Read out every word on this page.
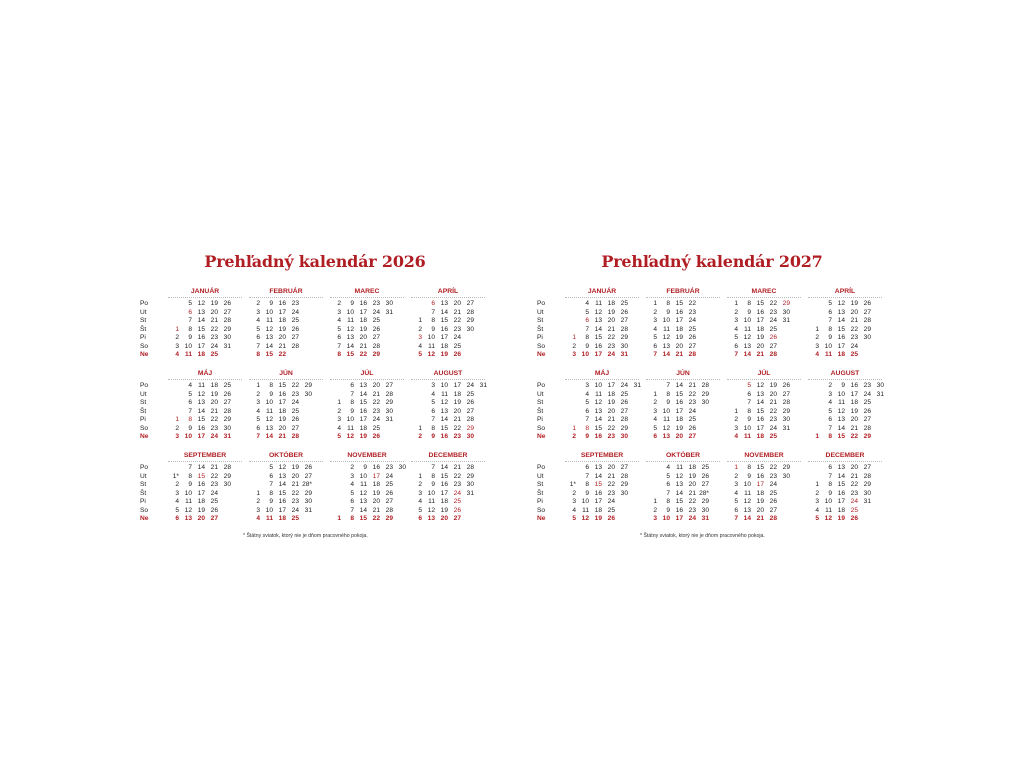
Prehľadný kalendár 2026
Po
Ut
St
Št
Pi
So
Ne
JANUÁR
1
2
3
4
5
6
7
8
9
10
11
12
13
14
15
16
17
18
19
20
21
22
23
24
25
26
27
28
29
30
31
FEBRUÁR
2
3
4
5
6
7
8
9
10
11
12
13
14
15
16
17
18
19
20
21
22
23
24
25
26
27
28
MAREC
2
3
4
5
6
7
8
9
10
11
12
13
14
15
16
17
18
19
20
21
22
23
24
25
26
27
28
29
30
31
APRÍL
1
2
3
4
5
6
7
8
9
10
11
12
13
14
15
16
17
18
19
20
21
22
23
24
25
26
27
28
29
30
Po
Ut
St
Št
Pi
So
Ne
MÁJ
1
2
3
4
5
6
7
8
9
10
11
12
13
14
15
16
17
18
19
20
21
22
23
24
25
26
27
28
29
30
31
JÚN
1
2
3
4
5
6
7
8
9
10
11
12
13
14
15
16
17
18
19
20
21
22
23
24
25
26
27
28
29
30
JÚL
1
2
3
4
5
6
7
8
9
10
11
12
13
14
15
16
17
18
19
20
21
22
23
24
25
26
27
28
29
30
31
AUGUST
1
2
3
4
5
6
7
8
9
10
11
12
13
14
15
16
17
18
19
20
21
22
23
24
25
26
27
28
29
30
31
Po
Ut
St
Št
Pi
So
Ne
SEPTEMBER
1*
2
3
4
5
6
7
8
9
10
11
12
13
14
15
16
17
18
19
20
21
22
23
24
25
26
27
28
29
30
OKTÓBER
1
2
3
4
5
6
7
8
9
10
11
12
13
14
15
16
17
18
19
20
21
22
23
24
25
26
27
28*
29
30
31
NOVEMBER
1
2
3
4
5
6
7
8
9
10
11
12
13
14
15
16
17
18
19
20
21
22
23
24
25
26
27
28
29
30
DECEMBER
1
2
3
4
5
6
7
8
9
10
11
12
13
14
15
16
17
18
19
20
21
22
23
24
25
26
27
28
29
30
31
* Štátny sviatok, ktorý nie je dňom pracovného pokoja.
Prehľadný kalendár 2027
Po
Ut
St
Št
Pi
So
Ne
JANUÁR
1
2
3
4
5
6
7
8
9
10
11
12
13
14
15
16
17
18
19
20
21
22
23
24
25
26
27
28
29
30
31
FEBRUÁR
1
2
3
4
5
6
7
8
9
10
11
12
13
14
15
16
17
18
19
20
21
22
23
24
25
26
27
28
MAREC
1
2
3
4
5
6
7
8
9
10
11
12
13
14
15
16
17
18
19
20
21
22
23
24
25
26
27
28
29
30
31
APRÍL
1
2
3
4
5
6
7
8
9
10
11
12
13
14
15
16
17
18
19
20
21
22
23
24
25
26
27
28
29
30
Po
Ut
St
Št
Pi
So
Ne
MÁJ
1
2
3
4
5
6
7
8
9
10
11
12
13
14
15
16
17
18
19
20
21
22
23
24
25
26
27
28
29
30
31
JÚN
1
2
3
4
5
6
7
8
9
10
11
12
13
14
15
16
17
18
19
20
21
22
23
24
25
26
27
28
29
30
JÚL
1
2
3
4
5
6
7
8
9
10
11
12
13
14
15
16
17
18
19
20
21
22
23
24
25
26
27
28
29
30
31
AUGUST
1
2
3
4
5
6
7
8
9
10
11
12
13
14
15
16
17
18
19
20
21
22
23
24
25
26
27
28
29
30
31
Po
Ut
St
Št
Pi
So
Ne
SEPTEMBER
1*
2
3
4
5
6
7
8
9
10
11
12
13
14
15
16
17
18
19
20
21
22
23
24
25
26
27
28
29
30
OKTÓBER
1
2
3
4
5
6
7
8
9
10
11
12
13
14
15
16
17
18
19
20
21
22
23
24
25
26
27
28*
29
30
31
NOVEMBER
1
2
3
4
5
6
7
8
9
10
11
12
13
14
15
16
17
18
19
20
21
22
23
24
25
26
27
28
29
30
DECEMBER
1
2
3
4
5
6
7
8
9
10
11
12
13
14
15
16
17
18
19
20
21
22
23
24
25
26
27
28
29
30
31
* Štátny sviatok, ktorý nie je dňom pracovného pokoja.
